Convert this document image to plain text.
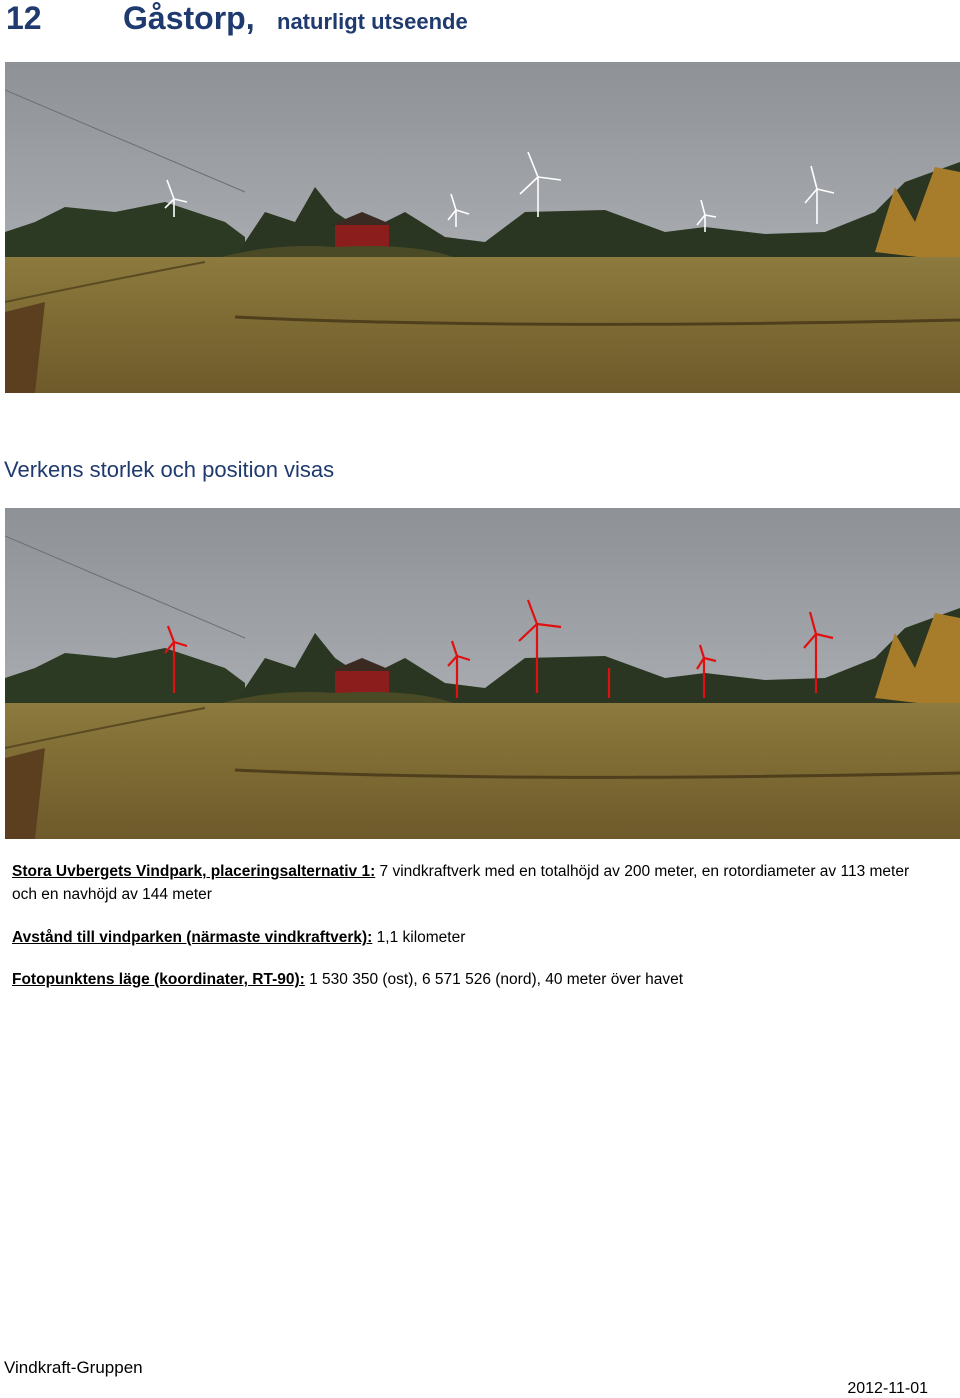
12	Gåstorp, naturligt utseende
Verkens storlek och position visas
Stora Uvbergets Vindpark, placeringsalternativ 1: 7 vindkraftverk med en totalhöjd av 200 meter, en rotordiameter av 113 meter och en navhöjd av 144 meter
Avstånd till vindparken (närmaste vindkraftverk): 1,1 kilometer
Fotopunktens läge (koordinater, RT-90): 1 530 350 (ost), 6 571 526 (nord), 40 meter över havet
Vindkraft-Gruppen
2012-11-01
